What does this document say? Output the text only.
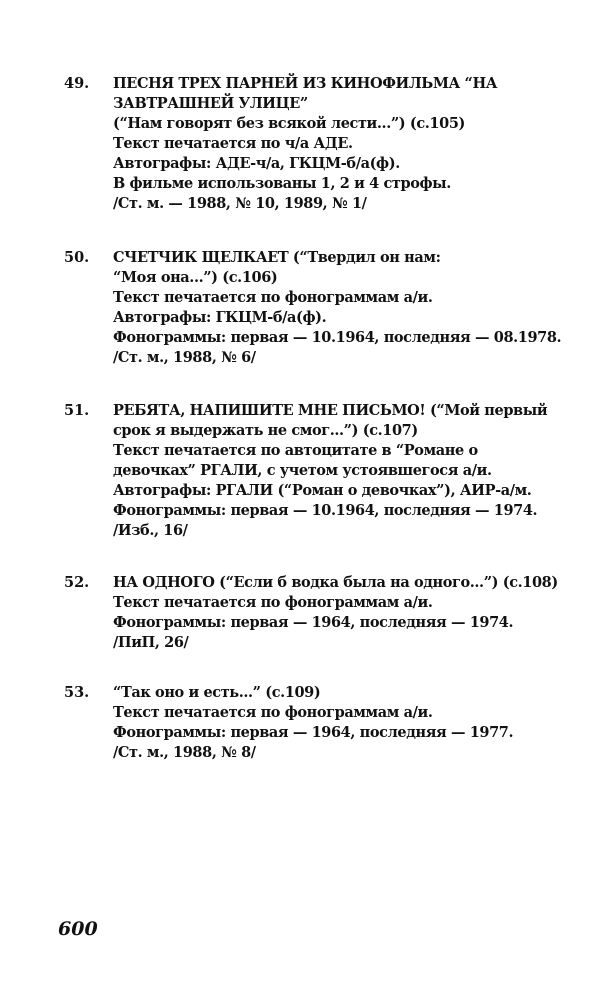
49.	ПЕСНЯ ТРЕХ ПАРНЕЙ ИЗ КИНОФИЛЬМА “НА
ЗАВТРАШНЕЙ УЛИЦЕ”
(“Нам говорят без всякой лести...”) (с.105)
Текст печатается по ч/а АДЕ.
Автографы: АДЕ-ч/а, ГКЦМ-б/а(ф).
В фильме использованы 1, 2 и 4 строфы.
/Ст. м. — 1988, № 10, 1989, № 1/
50.	СЧЕТЧИК ЩЕЛКАЕТ (“Твердил он нам:
“Моя она...”) (с.106)
Текст печатается по фонограммам а/и.
Автографы: ГКЦМ-б/а(ф).
Фонограммы: первая — 10.1964, последняя — 08.1978.
/Ст. м., 1988, № 6/
51.	РЕБЯТА, НАПИШИТЕ МНЕ ПИСЬМО! (“Мой первый
срок я выдержать не смог...”) (с.107)
Текст печатается по автоцитате в “Романе о
девочках” РГАЛИ, с учетом устоявшегося а/и.
Автографы: РГАЛИ (“Роман о девочках”), АИР-а/м.
Фонограммы: первая — 10.1964, последняя — 1974.
/Изб., 16/
52.	НА ОДНОГО (“Если б водка была на одного...”) (с.108)
Текст печатается по фонограммам а/и.
Фонограммы: первая — 1964, последняя — 1974.
/ПиП, 26/
53.	“Так оно и есть...” (с.109)
Текст печатается по фонограммам а/и.
Фонограммы: первая — 1964, последняя — 1977.
/Ст. м., 1988, № 8/
600
